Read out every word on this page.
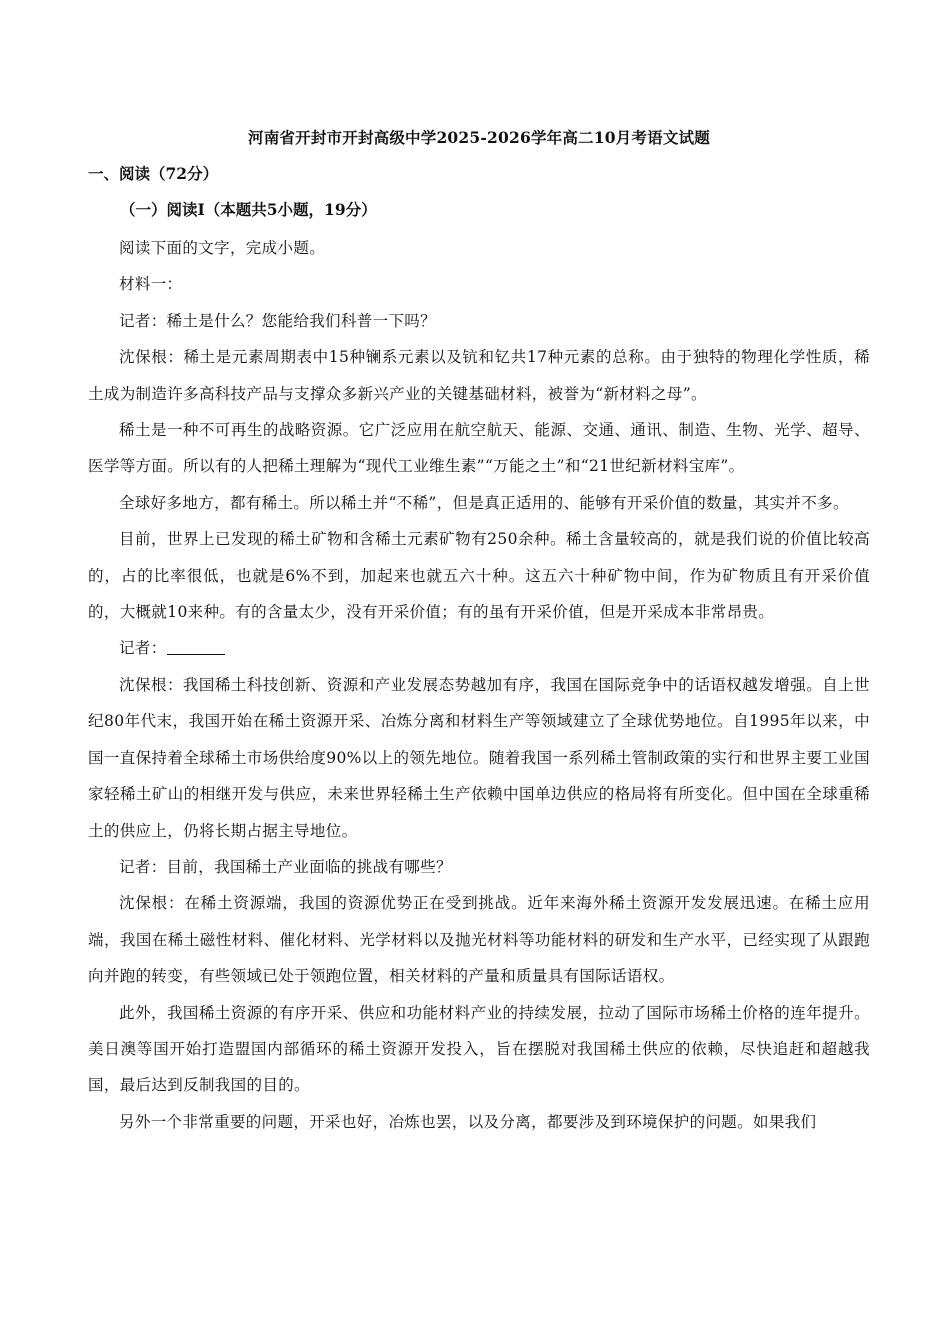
河南省开封市开封高级中学2025-2026学年高二10月考语文试题
一、阅读（72分）
（一）阅读Ⅰ（本题共5小题，19分）

阅读下面的文字，完成小题。

材料一：

记者：稀土是什么？您能给我们科普一下吗？

沈保根：稀土是元素周期表中15种镧系元素以及钪和钇共17种元素的总称。由于独特的物理化学性质，稀土成为制造许多高科技产品与支撑众多新兴产业的关键基础材料，被誉为“新材料之母”。

稀土是一种不可再生的战略资源。它广泛应用在航空航天、能源、交通、通讯、制造、生物、光学、超导、医学等方面。所以有的人把稀土理解为“现代工业维生素”“万能之土”和“21世纪新材料宝库”。

全球好多地方，都有稀土。所以稀土并“不稀”，但是真正适用的、能够有开采价值的数量，其实并不多。

目前，世界上已发现的稀土矿物和含稀土元素矿物有250余种。稀土含量较高的，就是我们说的价值比较高的，占的比率很低，也就是6%不到，加起来也就五六十种。这五六十种矿物中间，作为矿物质且有开采价值的，大概就10来种。有的含量太少，没有开采价值；有的虽有开采价值，但是开采成本非常昂贵。

记者：

沈保根：我国稀土科技创新、资源和产业发展态势越加有序，我国在国际竞争中的话语权越发增强。自上世纪80年代末，我国开始在稀土资源开采、冶炼分离和材料生产等领域建立了全球优势地位。自1995年以来，中国一直保持着全球稀土市场供给度90%以上的领先地位。随着我国一系列稀土管制政策的实行和世界主要工业国家轻稀土矿山的相继开发与供应，未来世界轻稀土生产依赖中国单边供应的格局将有所变化。但中国在全球重稀土的供应上，仍将长期占据主导地位。

记者：目前，我国稀土产业面临的挑战有哪些？

沈保根：在稀土资源端，我国的资源优势正在受到挑战。近年来海外稀土资源开发发展迅速。在稀土应用端，我国在稀土磁性材料、催化材料、光学材料以及抛光材料等功能材料的研发和生产水平，已经实现了从跟跑向并跑的转变，有些领域已处于领跑位置，相关材料的产量和质量具有国际话语权。

此外，我国稀土资源的有序开采、供应和功能材料产业的持续发展，拉动了国际市场稀土价格的连年提升。美日澳等国开始打造盟国内部循环的稀土资源开发投入，旨在摆脱对我国稀土供应的依赖，尽快追赶和超越我国，最后达到反制我国的目的。

另外一个非常重要的问题，开采也好，冶炼也罢，以及分离，都要涉及到环境保护的问题。如果我们
